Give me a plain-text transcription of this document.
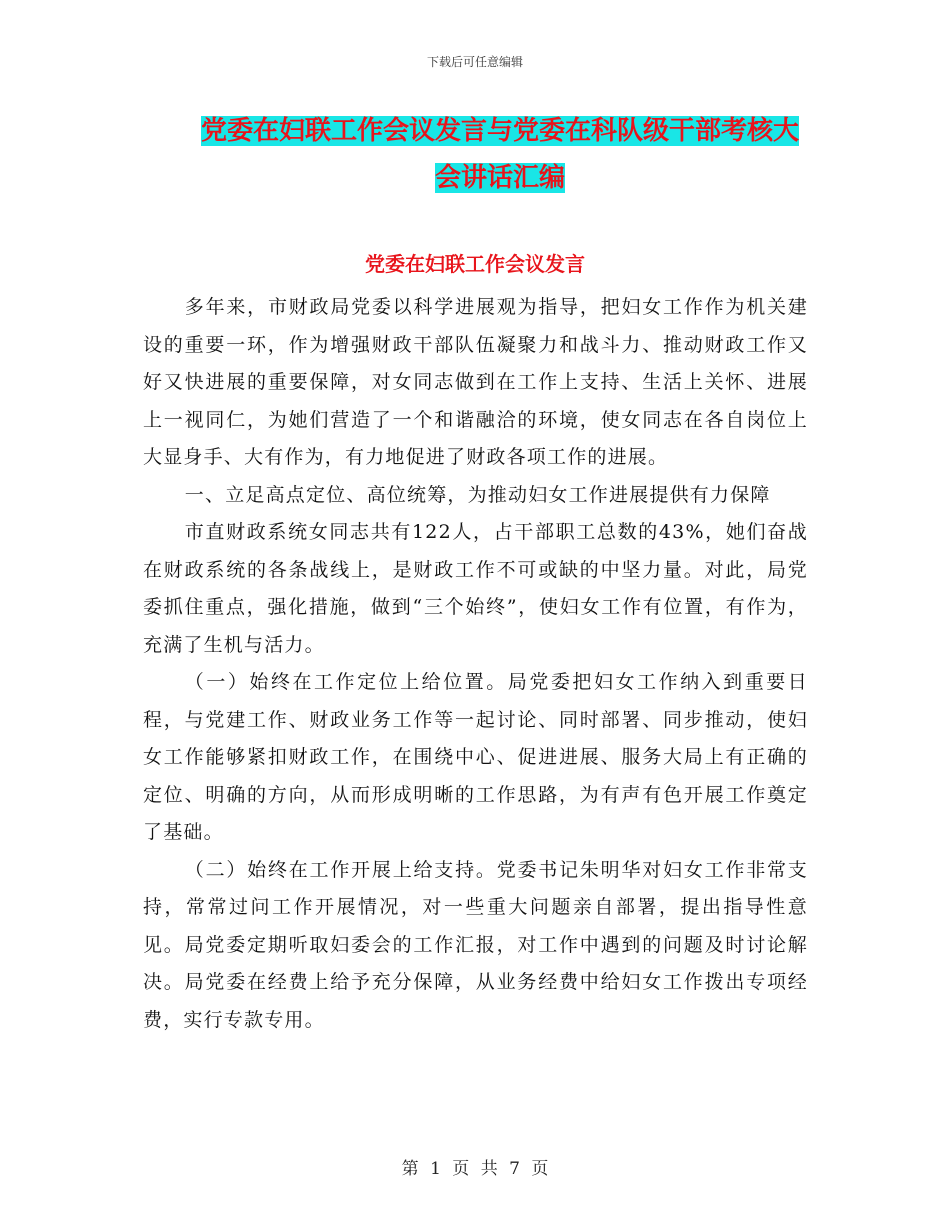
下载后可任意编辑
党委在妇联工作会议发言与党委在科队级干部考核大
会讲话汇编
党委在妇联工作会议发言

多年来，市财政局党委以科学进展观为指导，把妇女工作作为机关建设的重要一环，作为增强财政干部队伍凝聚力和战斗力、推动财政工作又好又快进展的重要保障，对女同志做到在工作上支持、生活上关怀、进展上一视同仁，为她们营造了一个和谐融洽的环境，使女同志在各自岗位上大显身手、大有作为，有力地促进了财政各项工作的进展。

一、立足高点定位、高位统筹，为推动妇女工作进展提供有力保障

市直财政系统女同志共有122人，占干部职工总数的43%，她们奋战在财政系统的各条战线上，是财政工作不可或缺的中坚力量。对此，局党委抓住重点，强化措施，做到“三个始终”，使妇女工作有位置，有作为，充满了生机与活力。

（一）始终在工作定位上给位置。局党委把妇女工作纳入到重要日程，与党建工作、财政业务工作等一起讨论、同时部署、同步推动，使妇女工作能够紧扣财政工作，在围绕中心、促进进展、服务大局上有正确的定位、明确的方向，从而形成明晰的工作思路，为有声有色开展工作奠定了基础。

（二）始终在工作开展上给支持。党委书记朱明华对妇女工作非常支持，常常过问工作开展情况，对一些重大问题亲自部署，提出指导性意见。局党委定期听取妇委会的工作汇报，对工作中遇到的问题及时讨论解决。局党委在经费上给予充分保障，从业务经费中给妇女工作拨出专项经费，实行专款专用。

第 1 页 共 7 页
